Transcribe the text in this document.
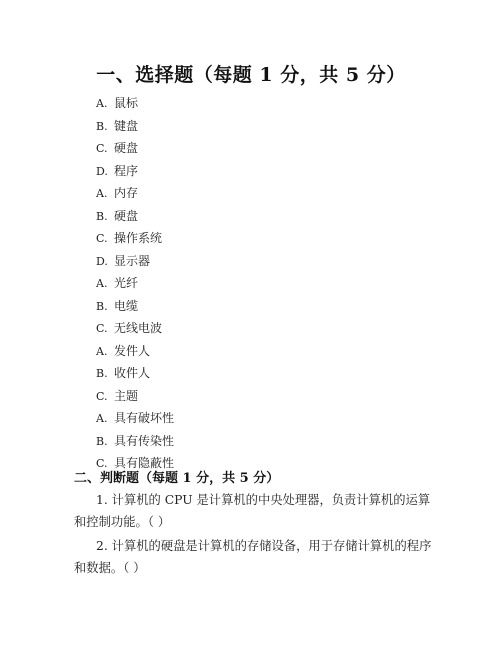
一、选择题（每题 1 分，共 5 分）
A. 鼠标
B. 键盘
C. 硬盘
D. 程序
A. 内存
B. 硬盘
C. 操作系统
D. 显示器
A. 光纤
B. 电缆
C. 无线电波
A. 发件人
B. 收件人
C. 主题
A. 具有破坏性
B. 具有传染性
C. 具有隐蔽性
二、判断题（每题 1 分，共 5 分）
1. 计算机的 CPU 是计算机的中央处理器，负责计算机的运算和控制功能。（ ）
2. 计算机的硬盘是计算机的存储设备，用于存储计算机的程序和数据。（ ）
